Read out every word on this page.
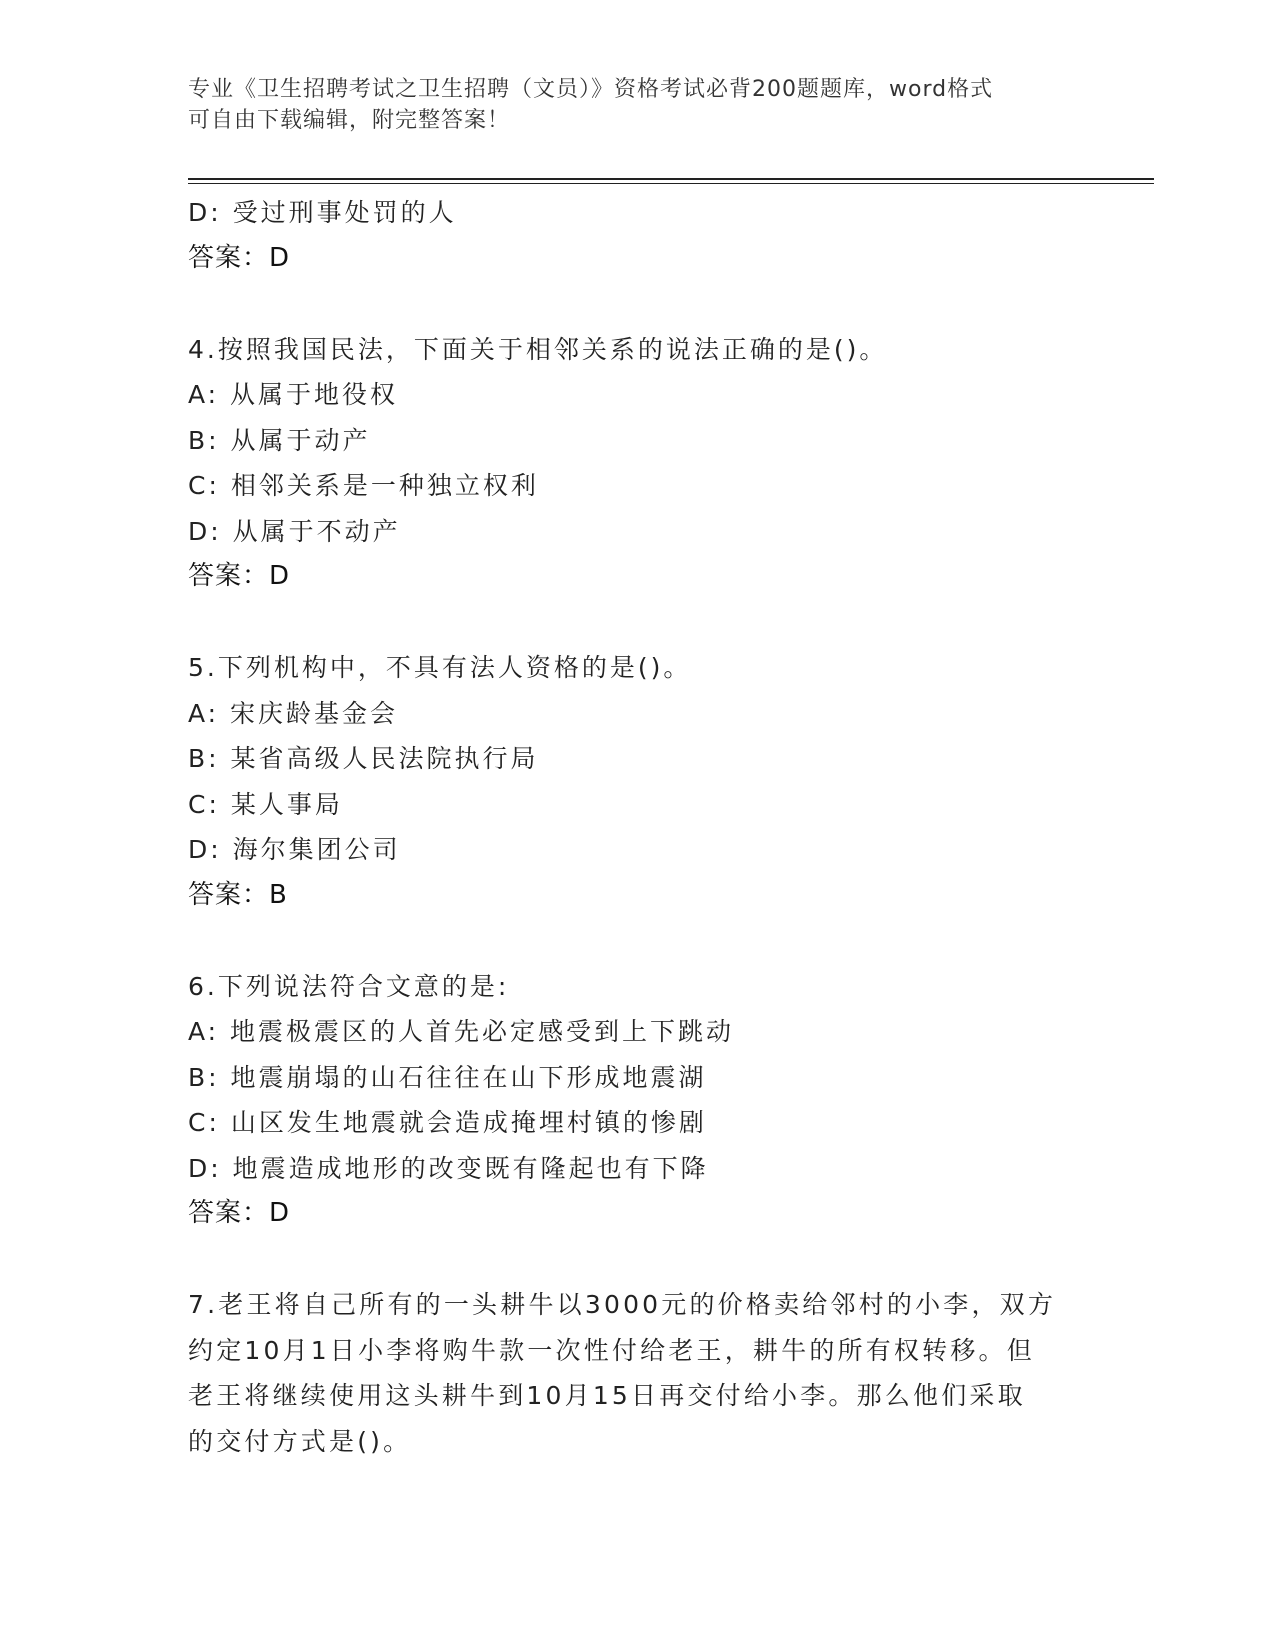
专业《卫生招聘考试之卫生招聘（文员）》资格考试必背200题题库，word格式
可自由下载编辑，附完整答案！
D: 受过刑事处罚的人
答案：D
4.按照我国民法，下面关于相邻关系的说法正确的是()。
A: 从属于地役权
B: 从属于动产
C: 相邻关系是一种独立权利
D: 从属于不动产
答案：D
5.下列机构中，不具有法人资格的是()。
A: 宋庆龄基金会
B: 某省高级人民法院执行局
C: 某人事局
D: 海尔集团公司
答案：B
6.下列说法符合文意的是:
A: 地震极震区的人首先必定感受到上下跳动
B: 地震崩塌的山石往往在山下形成地震湖
C: 山区发生地震就会造成掩埋村镇的惨剧
D: 地震造成地形的改变既有隆起也有下降
答案：D
7.老王将自己所有的一头耕牛以3000元的价格卖给邻村的小李，双方
约定10月1日小李将购牛款一次性付给老王，耕牛的所有权转移。但
老王将继续使用这头耕牛到10月15日再交付给小李。那么他们采取
的交付方式是()。
